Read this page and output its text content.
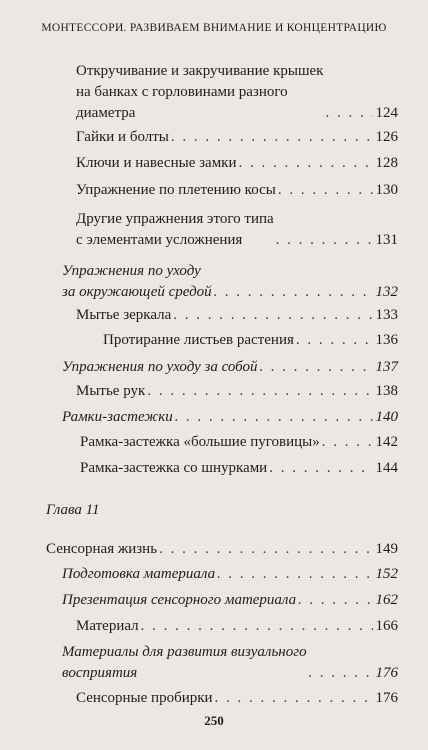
МОНТЕССОРИ. РАЗВИВАЕМ ВНИМАНИЕ И КОНЦЕНТРАЦИЮ
Откручивание и закручивание крышек
на банках с горловинами разного
диаметра . . .	124
Гайки и болты . . .	126
Ключи и навесные замки . . .	128
Упражнение по плетению косы . . .	130
Другие упражнения этого типа
с элементами усложнения . . .	131
Упражнения по уходу
за окружающей средой . . .	132
Мытье зеркала . . .	133
Протирание листьев растения . . .	136
Упражнения по уходу за собой . . .	137
Мытье рук . . .	138
Рамки-застежки . . .	140
Рамка-застежка «большие пуговицы» . . .	142
Рамка-застежка со шнурками . . .	144
Глава 11
Сенсорная жизнь . . .	149
Подготовка материала . . .	152
Презентация сенсорного материала . . .	162
Материал . . .	166
Материалы для развития визуального
восприятия . . .	176
Сенсорные пробирки . . .	176
250
